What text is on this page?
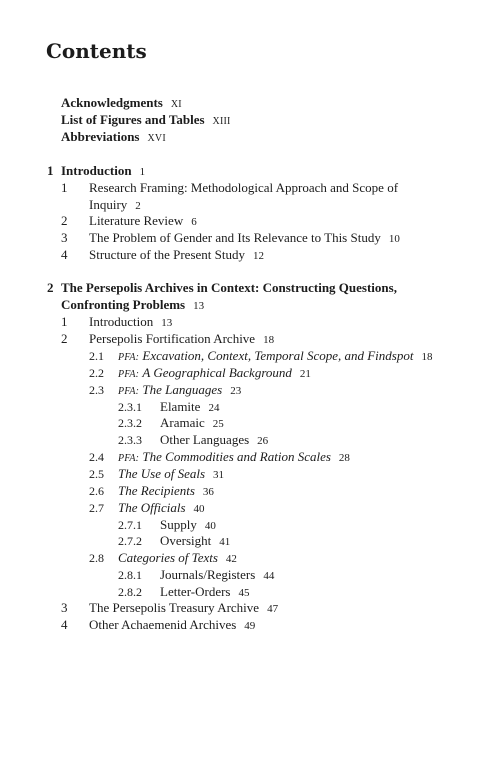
Contents
Acknowledgments XI
List of Figures and Tables XIII
Abbreviations XVI
1 Introduction 1
1 Research Framing: Methodological Approach and Scope of
Inquiry 2
2 Literature Review 6
3 The Problem of Gender and Its Relevance to This Study 10
4 Structure of the Present Study 12
2 The Persepolis Archives in Context: Constructing Questions,
Confronting Problems 13
1 Introduction 13
2 Persepolis Fortification Archive 18
2.1 PFA: Excavation, Context, Temporal Scope, and Findspot 18
2.2 PFA: A Geographical Background 21
2.3 PFA: The Languages 23
2.3.1 Elamite 24
2.3.2 Aramaic 25
2.3.3 Other Languages 26
2.4 PFA: The Commodities and Ration Scales 28
2.5 The Use of Seals 31
2.6 The Recipients 36
2.7 The Officials 40
2.7.1 Supply 40
2.7.2 Oversight 41
2.8 Categories of Texts 42
2.8.1 Journals/Registers 44
2.8.2 Letter-Orders 45
3 The Persepolis Treasury Archive 47
4 Other Achaemenid Archives 49
